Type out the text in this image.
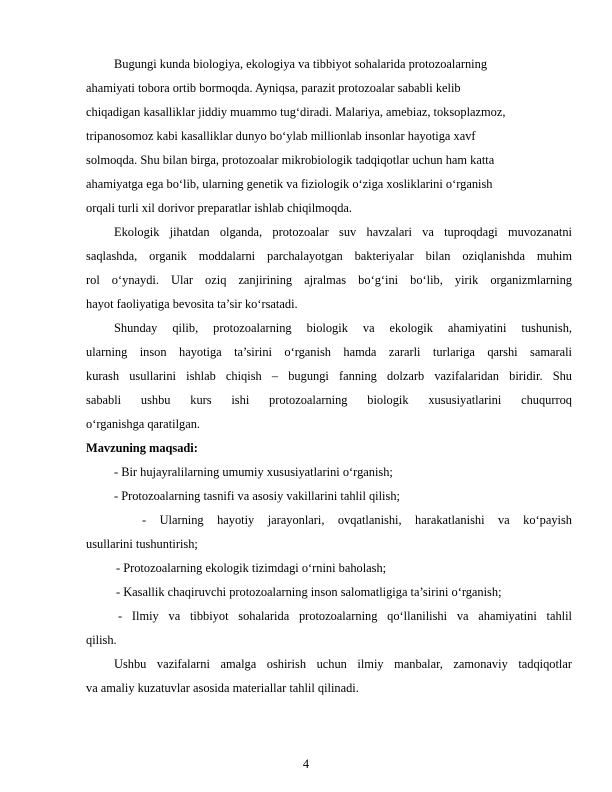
Bugungi kunda biologiya, ekologiya va tibbiyot sohalarida protozoalarning
ahamiyati tobora ortib bormoqda. Ayniqsa, parazit protozoalar sababli kelib
chiqadigan kasalliklar jiddiy muammo tug‘diradi. Malariya, amebiaz, toksoplazmoz,
tripanosomoz kabi kasalliklar dunyo bo‘ylab millionlab insonlar hayotiga xavf
solmoqda. Shu bilan birga, protozoalar mikrobiologik tadqiqotlar uchun ham katta
ahamiyatga ega bo‘lib, ularning genetik va fiziologik o‘ziga xosliklarini o‘rganish
orqali turli xil dorivor preparatlar ishlab chiqilmoqda.
Ekologik jihatdan olganda, protozoalar suv havzalari va tuproqdagi muvozanatni
saqlashda, organik moddalarni parchalayotgan bakteriyalar bilan oziqlanishda muhim
rol o‘ynaydi. Ular oziq zanjirining ajralmas bo‘g‘ini bo‘lib, yirik organizmlarning
hayot faoliyatiga bevosita ta’sir ko‘rsatadi.
Shunday qilib, protozoalarning biologik va ekologik ahamiyatini tushunish,
ularning inson hayotiga ta’sirini o‘rganish hamda zararli turlariga qarshi samarali
kurash usullarini ishlab chiqish – bugungi fanning dolzarb vazifalaridan biridir. Shu
sababli ushbu kurs ishi protozoalarning biologik xususiyatlarini chuqurroq
o‘rganishga qaratilgan.
Mavzuning maqsadi:
- Bir hujayralilarning umumiy xususiyatlarini o‘rganish;
- Protozoalarning tasnifi va asosiy vakillarini tahlil qilish;
- Ularning hayotiy jarayonlari, ovqatlanishi, harakatlanishi va ko‘payish
usullarini tushuntirish;
- Protozoalarning ekologik tizimdagi o‘rnini baholash;
- Kasallik chaqiruvchi protozoalarning inson salomatligiga ta’sirini o‘rganish;
- Ilmiy va tibbiyot sohalarida protozoalarning qo‘llanilishi va ahamiyatini tahlil
qilish.
Ushbu vazifalarni amalga oshirish uchun ilmiy manbalar, zamonaviy tadqiqotlar
va amaliy kuzatuvlar asosida materiallar tahlil qilinadi.
4
